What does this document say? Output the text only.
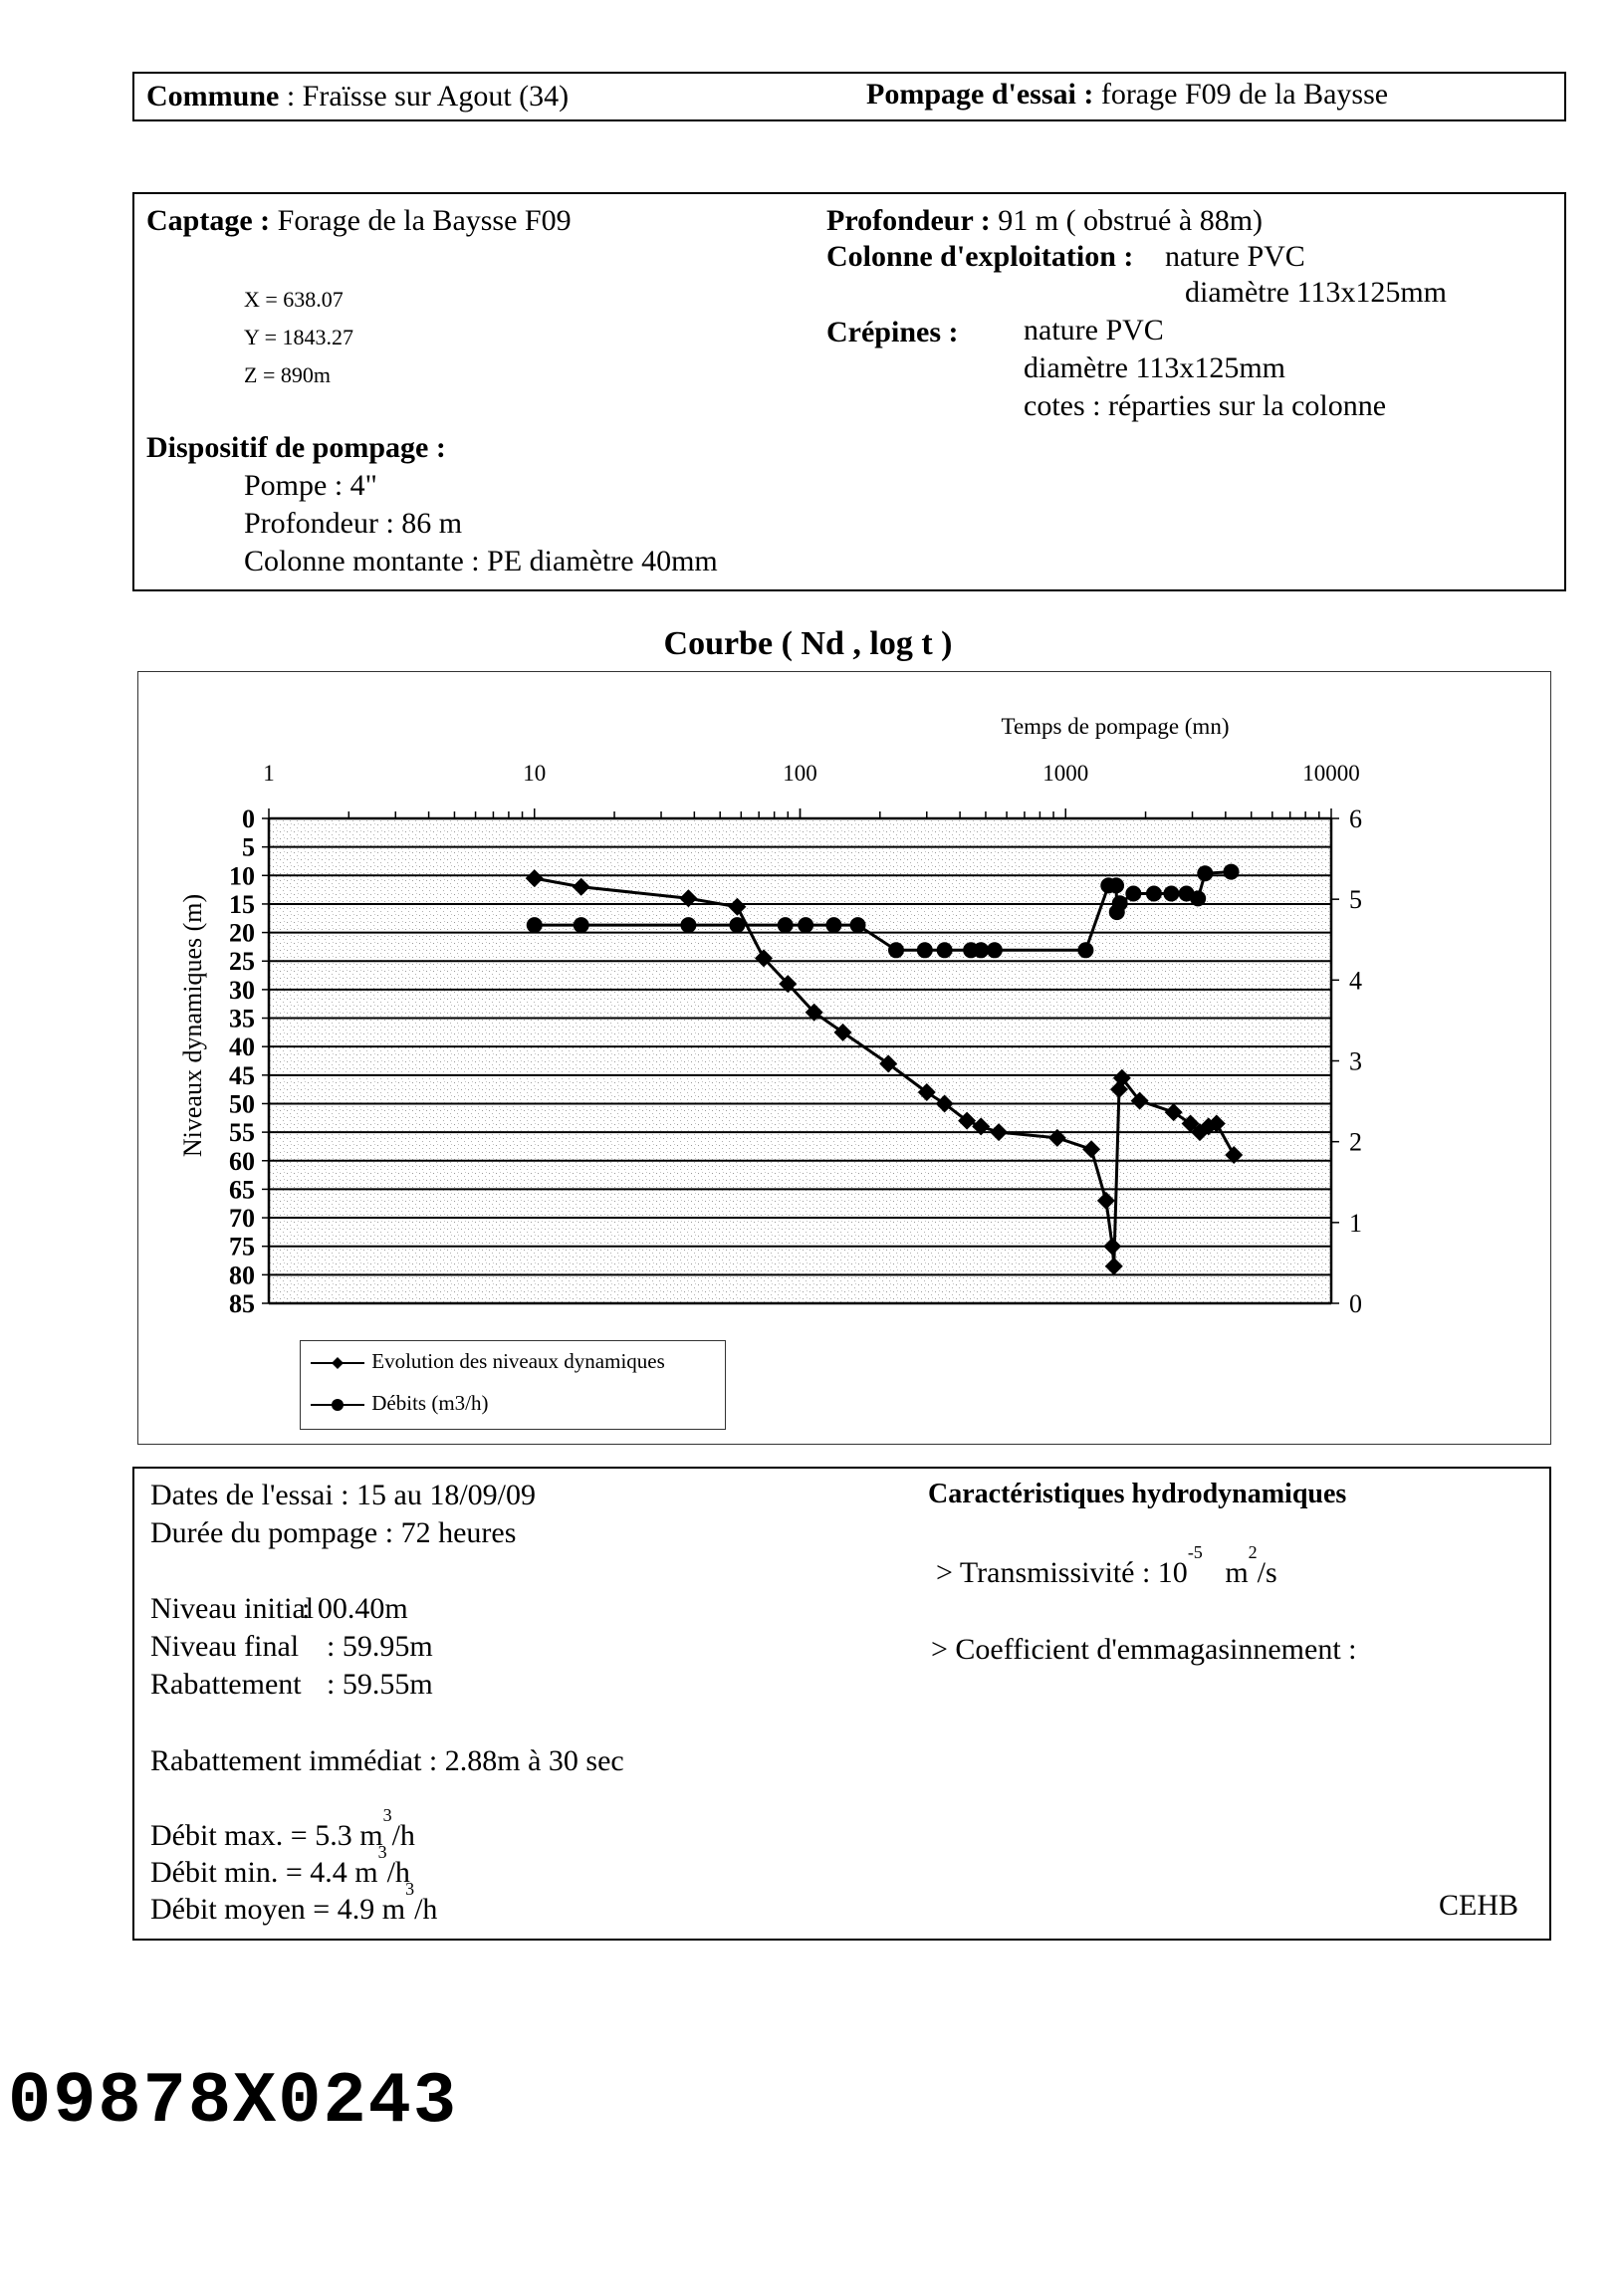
Commune : Fraïsse sur Agout (34)	Pompage d'essai : forage F09 de la Baysse
Captage : Forage de la Baysse F09
X = 638.07
Y = 1843.27
Z = 890m
Dispositif de pompage :
Pompe : 4"
Profondeur : 86 m
Colonne montante : PE diamètre 40mm
Profondeur : 91 m ( obstrué à 88m)
Colonne d'exploitation : nature PVC
diamètre 113x125mm
Crépines : nature PVC
diamètre 113x125mm
cotes : réparties sur la colonne
Courbe ( Nd , log t )
0
5
10
15
20
25
30
35
40
45
50
55
60
65
70
75
80
85	0
1
2
3
4
5
6
1	10	100	1000	10000
Temps de pompage (mn)
Niveaux dynamiques (m)
Evolution des niveaux dynamiques
Débits (m3/h)
Dates de l'essai : 15 au 18/09/09
Durée du pompage : 72 heures
Niveau initial
: 00.40m
Niveau final : 59.95m
Rabattement : 59.55m
Rabattement immédiat : 2.88m à 30 sec
Débit max. = 5.3 $m^3/h$
Débit min. = 4.4 $m^3/h$
Débit moyen = 4.9 $m^3/h$
Caractéristiques hydrodynamiques
> Transmissivité : $10^{-5}$   $m^2/s$
> Coefficient d'emmagasinnement :
CEHB
09878X0243
